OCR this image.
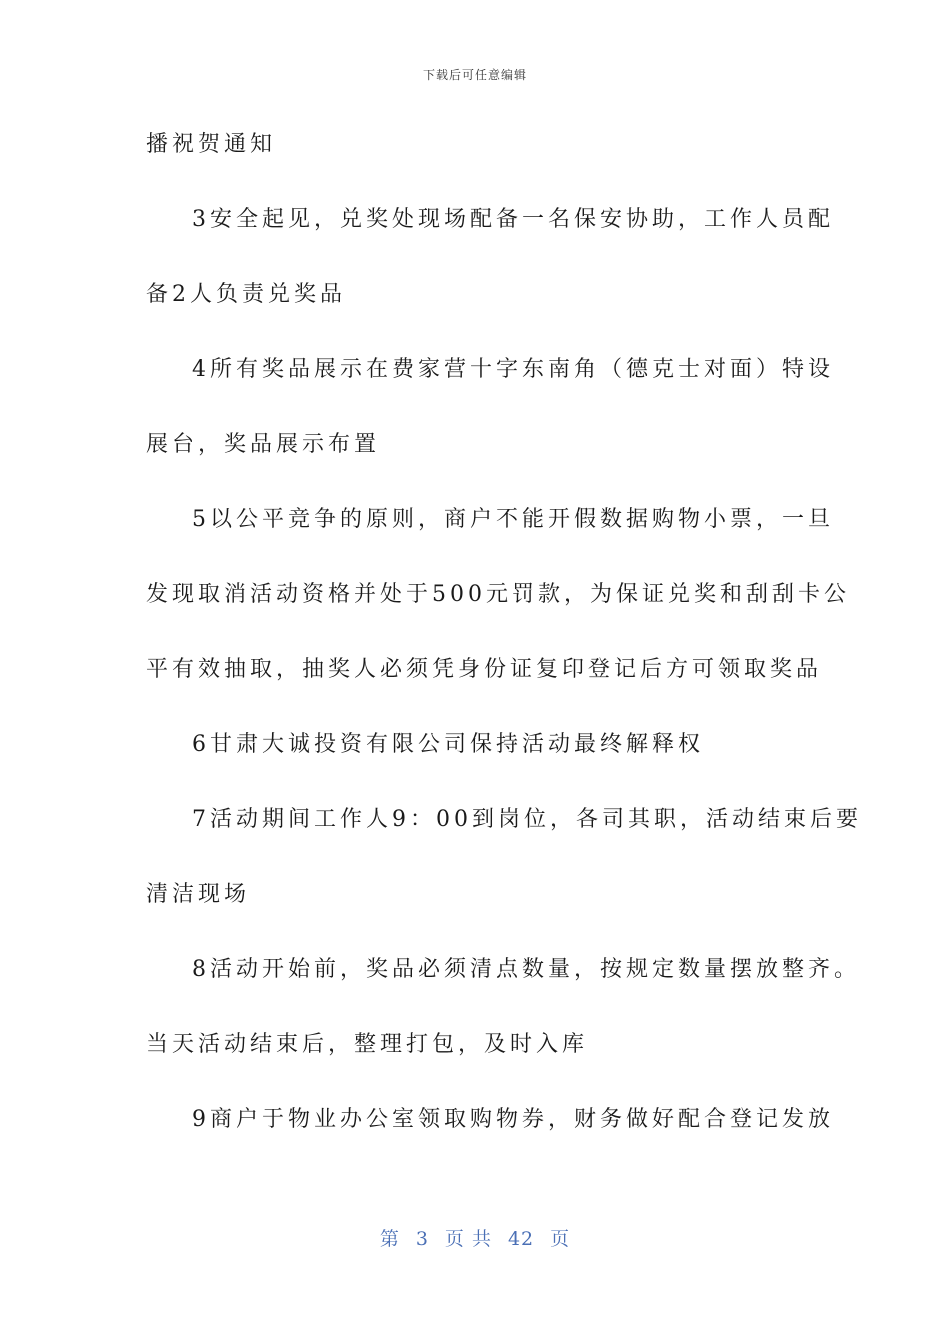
下载后可任意编辑
播祝贺通知
3安全起见，兑奖处现场配备一名保安协助，工作人员配
备2人负责兑奖品
4所有奖品展示在费家营十字东南角（德克士对面）特设
展台，奖品展示布置
5以公平竞争的原则，商户不能开假数据购物小票，一旦
发现取消活动资格并处于500元罚款，为保证兑奖和刮刮卡公
平有效抽取，抽奖人必须凭身份证复印登记后方可领取奖品
6甘肃大诚投资有限公司保持活动最终解释权
7活动期间工作人9：00到岗位，各司其职，活动结束后要
清洁现场
8活动开始前，奖品必须清点数量，按规定数量摆放整齐。
当天活动结束后，整理打包，及时入库
9商户于物业办公室领取购物券，财务做好配合登记发放
第 3 页 共 42 页
